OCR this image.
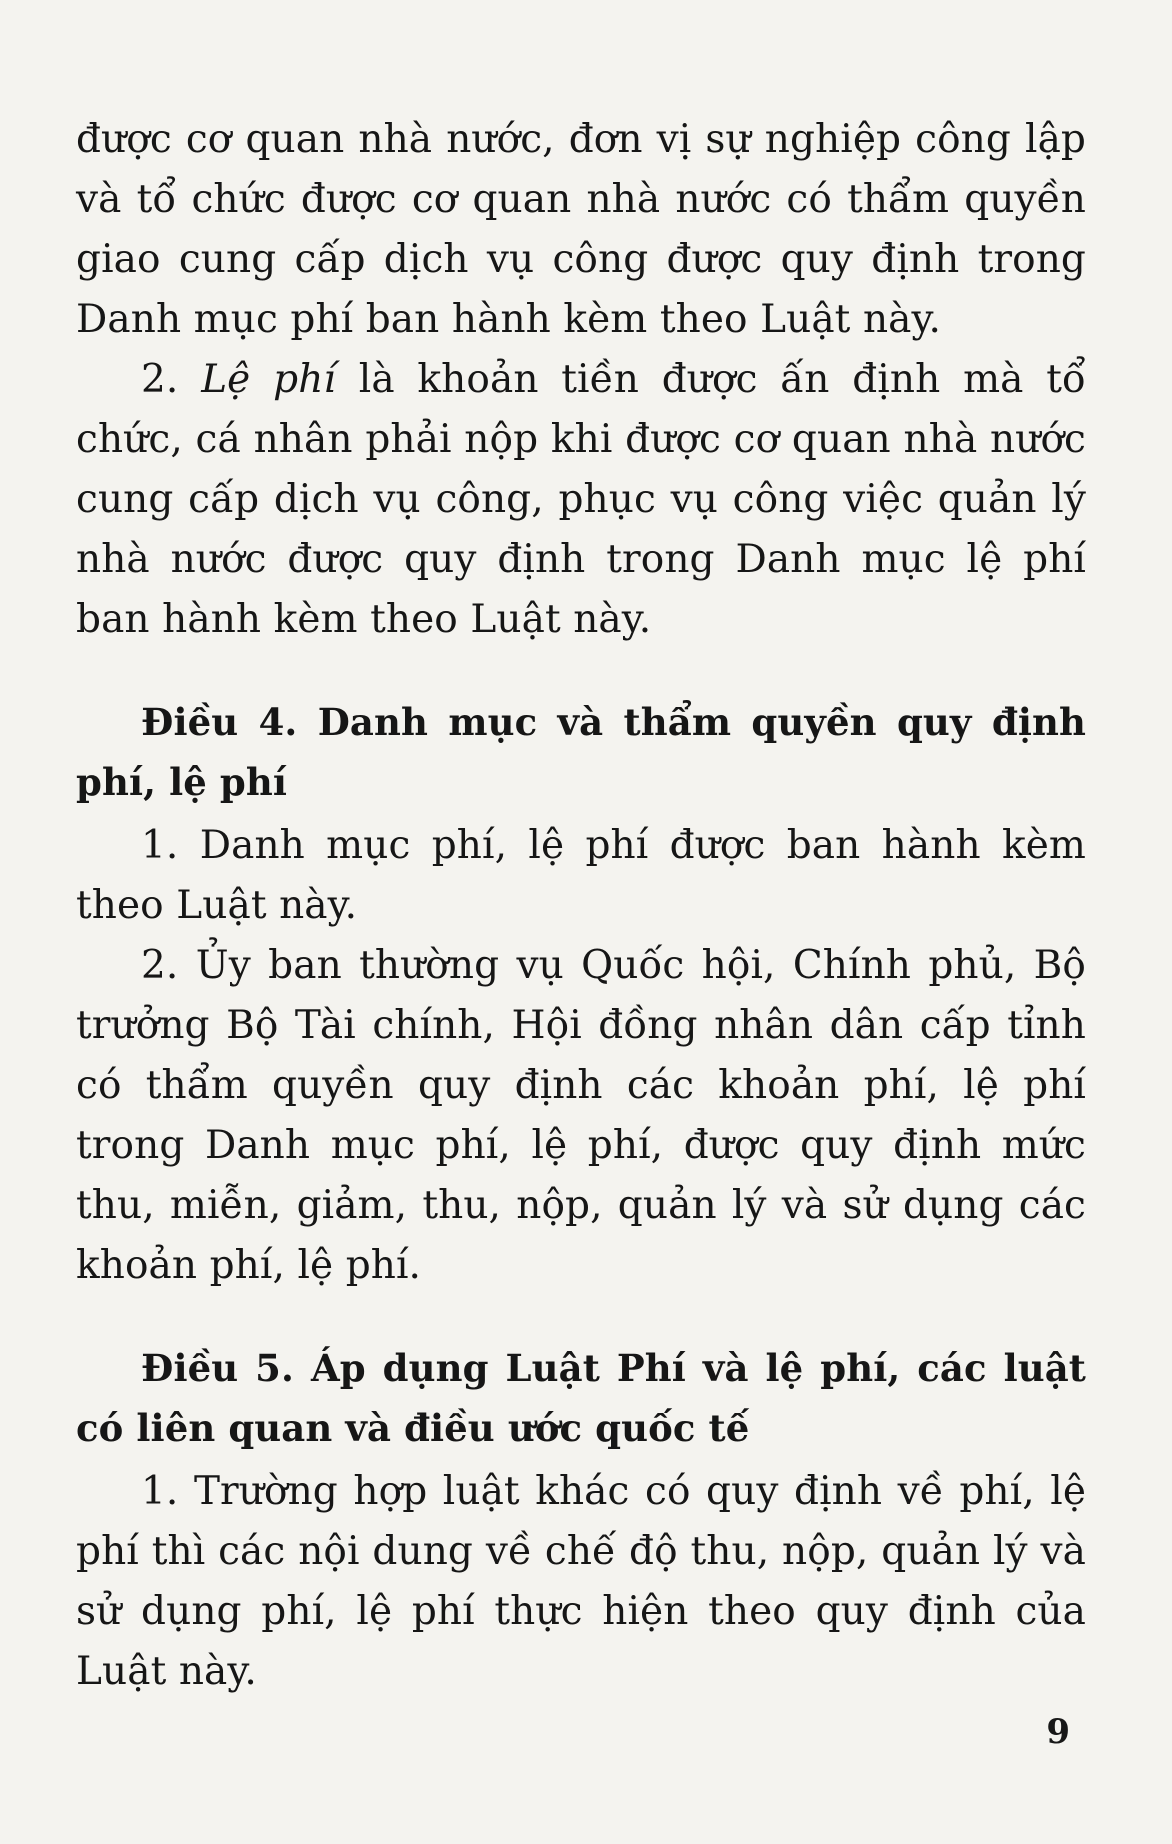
được cơ quan nhà nước, đơn vị sự nghiệp công lập và tổ chức được cơ quan nhà nước có thẩm quyền giao cung cấp dịch vụ công được quy định trong Danh mục phí ban hành kèm theo Luật này.

2. Lệ phí là khoản tiền được ấn định mà tổ chức, cá nhân phải nộp khi được cơ quan nhà nước cung cấp dịch vụ công, phục vụ công việc quản lý nhà nước được quy định trong Danh mục lệ phí ban hành kèm theo Luật này.

Điều 4. Danh mục và thẩm quyền quy định phí, lệ phí

1. Danh mục phí, lệ phí được ban hành kèm theo Luật này.

2. Ủy ban thường vụ Quốc hội, Chính phủ, Bộ trưởng Bộ Tài chính, Hội đồng nhân dân cấp tỉnh có thẩm quyền quy định các khoản phí, lệ phí trong Danh mục phí, lệ phí, được quy định mức thu, miễn, giảm, thu, nộp, quản lý và sử dụng các khoản phí, lệ phí.

Điều 5. Áp dụng Luật Phí và lệ phí, các luật có liên quan và điều ước quốc tế

1. Trường hợp luật khác có quy định về phí, lệ phí thì các nội dung về chế độ thu, nộp, quản lý và sử dụng phí, lệ phí thực hiện theo quy định của Luật này.

9
